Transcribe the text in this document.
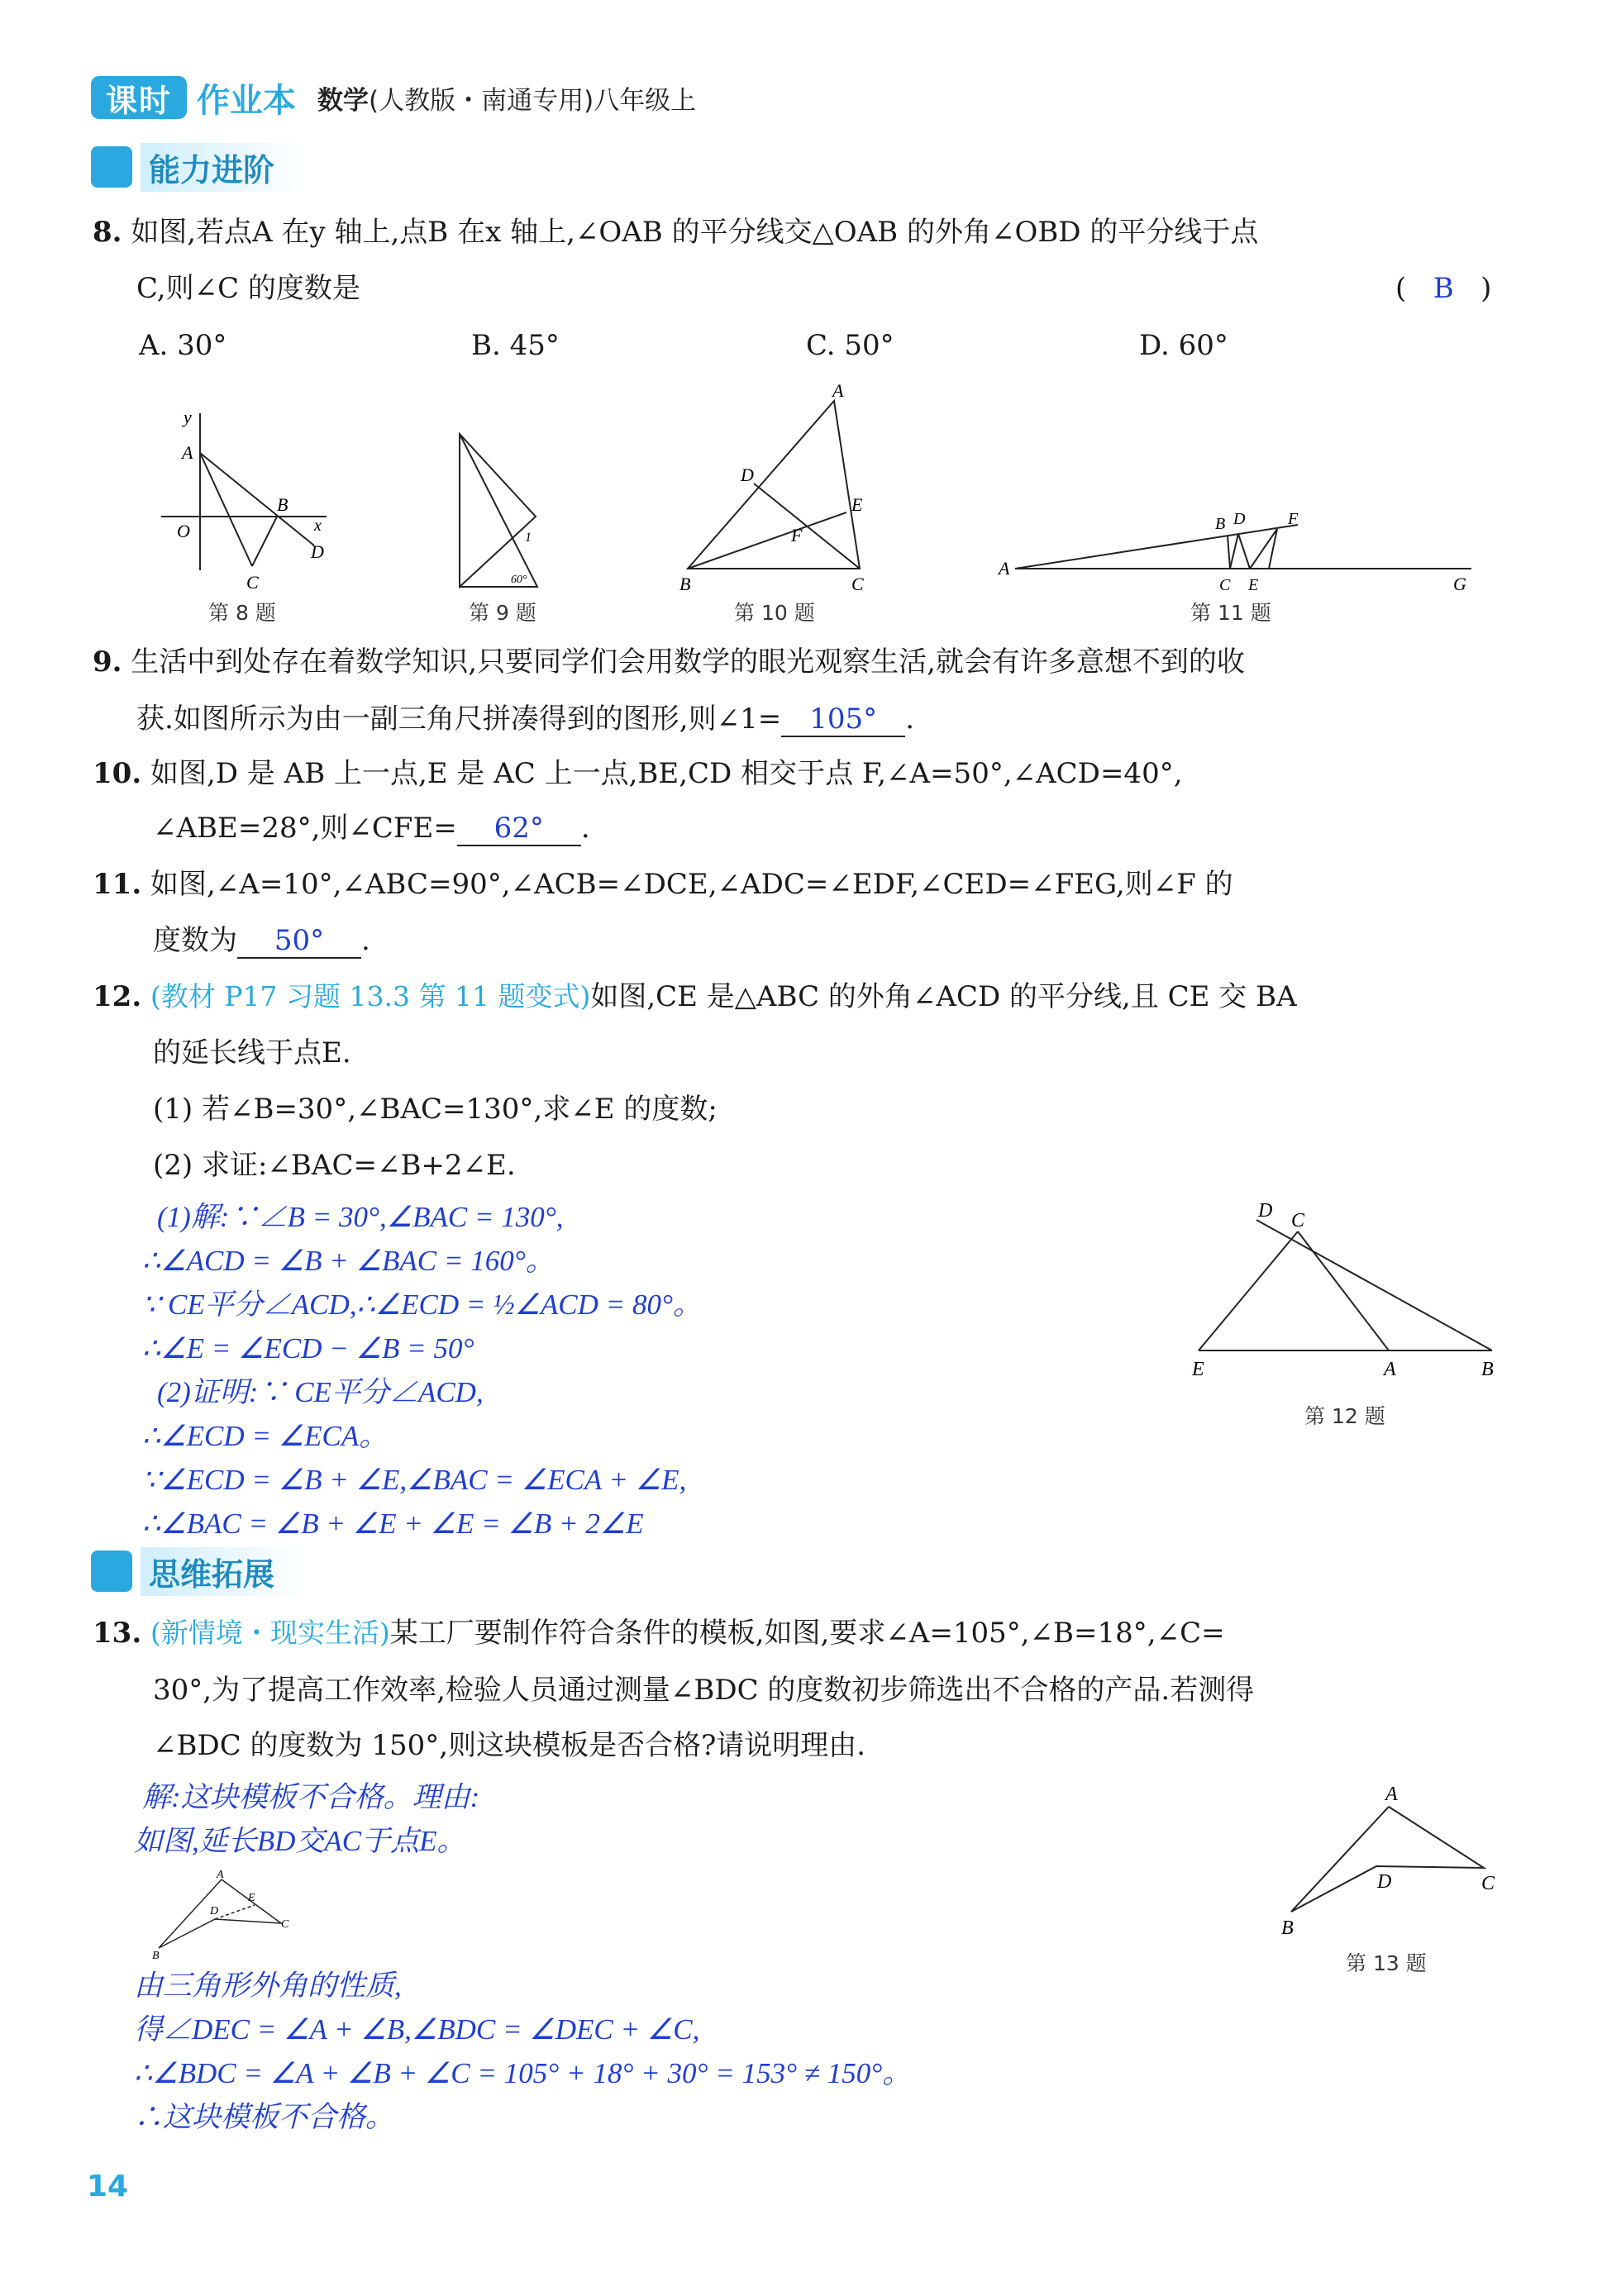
课时 作业本 数学(人教版・南通专用)八年级上
能力进阶
8. 如图,若点A 在y 轴上,点B 在x 轴上,∠OAB 的平分线交△OAB 的外角∠OBD 的平分线于点
C,则∠C 的度数是	(   B   )
A. 30°	B. 45°	C. 50°	D. 60°
y
A
O
B
x
D
C
第 8 题
1
60°
第 9 题
A
D
E
F
B	C
第 10 题
A
B D	F
C E	G
第 11 题
9. 生活中到处存在着数学知识,只要同学们会用数学的眼光观察生活,就会有许多意想不到的收
获.如图所示为由一副三角尺拼凑得到的图形,则∠1= 105° .
10. 如图,D 是 AB 上一点,E 是 AC 上一点,BE,CD 相交于点 F,∠A=50°,∠ACD=40°,
∠ABE=28°,则∠CFE= 62° .
11. 如图,∠A=10°,∠ABC=90°,∠ACB=∠DCE,∠ADC=∠EDF,∠CED=∠FEG,则∠F 的
度数为 50° .
12. (教材 P17 习题 13.3 第 11 题变式)如图,CE 是△ABC 的外角∠ACD 的平分线,且 CE 交 BA
的延长线于点E.
(1) 若∠B=30°,∠BAC=130°,求∠E 的度数;
(2) 求证:∠BAC=∠B+2∠E.
(1)解:∵∠B = 30°,∠BAC = 130°,
∴∠ACD = ∠B + ∠BAC = 160°。
∵ CE平分∠ACD,∴∠ECD = ½∠ACD = 80°。
∴∠E = ∠ECD − ∠B = 50°
(2)证明:∵ CE平分∠ACD,
∴∠ECD = ∠ECA。
∵∠ECD = ∠B + ∠E,∠BAC = ∠ECA + ∠E,
∴∠BAC = ∠B + ∠E + ∠E = ∠B + 2∠E
D C
E	A	B
第 12 题
思维拓展
13. (新情境・现实生活)某工厂要制作符合条件的模板,如图,要求∠A=105°,∠B=18°,∠C=
30°,为了提高工作效率,检验人员通过测量∠BDC 的度数初步筛选出不合格的产品.若测得
∠BDC 的度数为 150°,则这块模板是否合格?请说明理由.
解:这块模板不合格。理由:
如图,延长BD交AC于点E。
A
B
D
E
C
由三角形外角的性质,
得∠DEC = ∠A + ∠B,∠BDC = ∠DEC + ∠C,
∴∠BDC = ∠A + ∠B + ∠C = 105° + 18° + 30° = 153° ≠ 150°。
∴这块模板不合格。
A
B
D	C
第 13 题
14
